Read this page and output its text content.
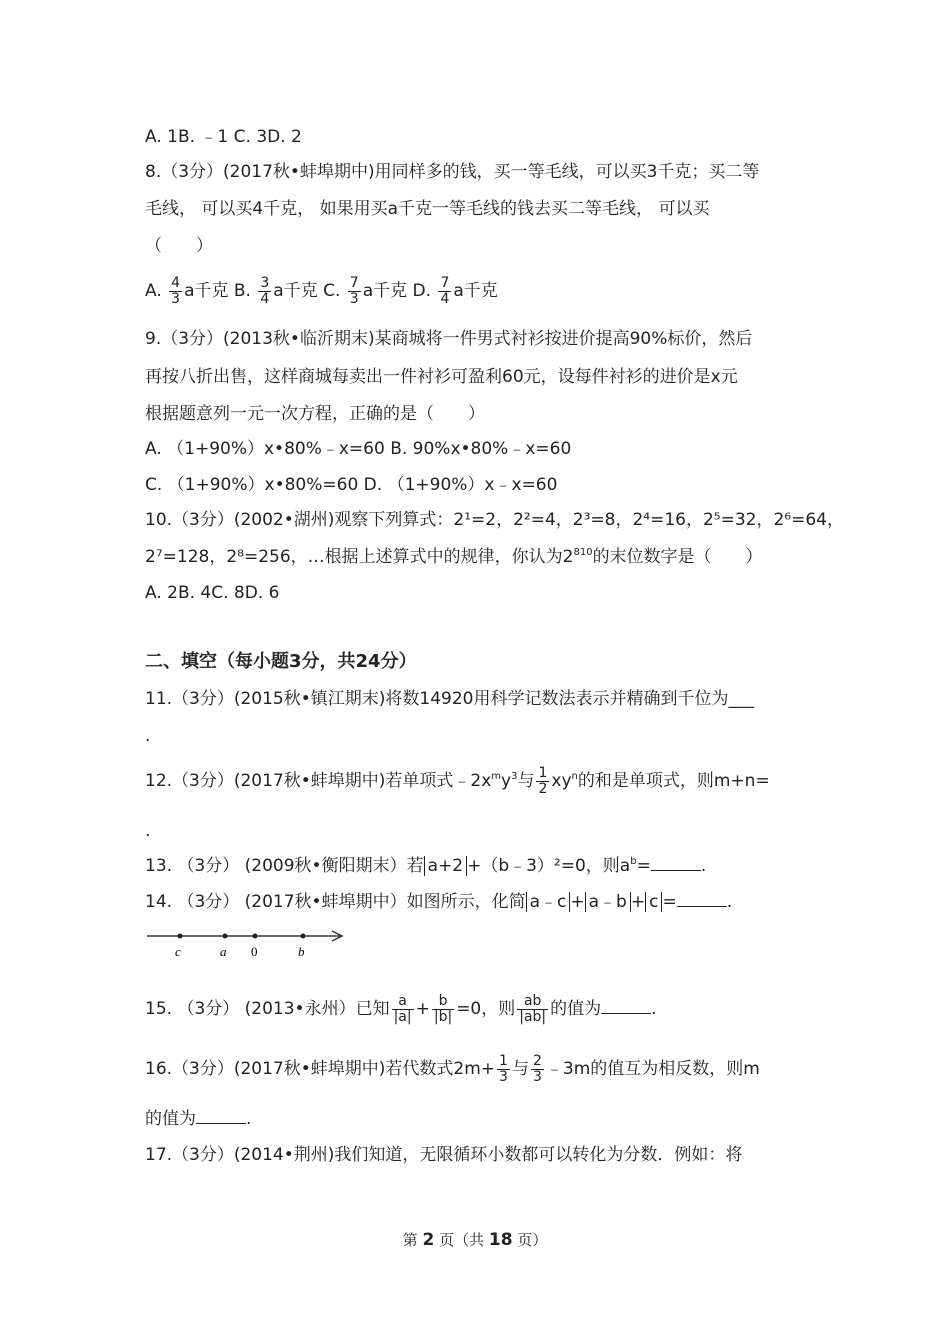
A. 1B. ﹣1 C. 3D. 2
8.（3分）(2017秋•蚌埠期中)用同样多的钱，买一等毛线，可以买3千克；买二等
毛线， 可以买4千克， 如果用买a千克一等毛线的钱去买二等毛线， 可以买
（　　）
A. $\frac{4}{3}$ a千克 B. $\frac{3}{4}$ a千克 C. $\frac{7}{3}$ a千克 D. $\frac{7}{4}$ a千克
9.（3分）(2013秋•临沂期末)某商城将一件男式衬衫按进价提高90%标价，然后
再按八折出售，这样商城每卖出一件衬衫可盈利60元，设每件衬衫的进价是x元
根据题意列一元一次方程，正确的是（　　）
A. （1+90%）x•80%﹣x=60 B. 90%x•80%﹣x=60
C. （1+90%）x•80%=60 D. （1+90%）x﹣x=60
10.（3分）(2002•湖州)观察下列算式：2¹=2，2²=4，2³=8，2⁴=16，2⁵=32，2⁶=64，
2⁷=128，2⁸=256，…根据上述算式中的规律，你认为$2^{810}$的末位数字是（　　）
A. 2B. 4C. 8D. 6
二、填空（每小题3分，共24分）
11.（3分）(2015秋•镇江期末)将数14920用科学记数法表示并精确到千位为___
.
12.（3分）(2017秋•蚌埠期中)若单项式$﹣2x^my^3$与 $\frac{1}{2} xy^n$的和是单项式，则m+n=
.
13. （3分） (2009秋•衡阳期末）若 a+2 +（b﹣3）²=0，则$a^b=$	.
14. （3分） (2017秋•蚌埠期中）如图所示，化简 a﹣c + a﹣b + c =	.
c	a 0	b
15. （3分） (2013•永州）已知 $\frac{a}{|a|} + \frac{b}{|b|} =0$，则 $\frac{ab}{|ab|}$ 的值为	.
16.（3分）(2017秋•蚌埠期中)若代数式$2m+ \frac{1}{3}$ 与 $\frac{2}{3}$ ﹣3m的值互为相反数，则m
的值为	.
17.（3分）(2014•荆州)我们知道，无限循环小数都可以转化为分数．例如：将
第 2 页（共 18 页）
